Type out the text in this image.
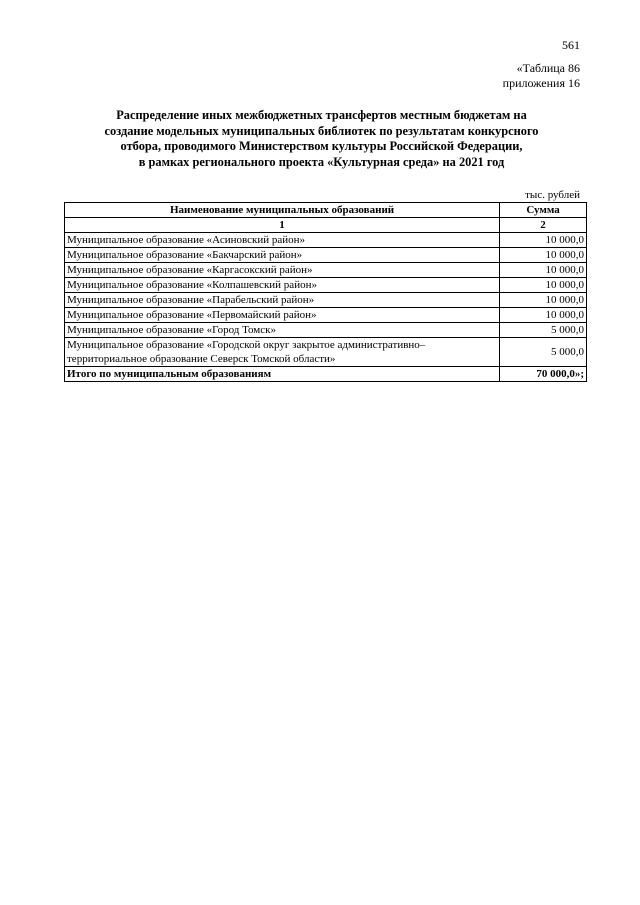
561
«Таблица 86
приложения 16
Распределение иных межбюджетных трансфертов местным бюджетам на
создание модельных муниципальных библиотек по результатам конкурсного
отбора, проводимого Министерством культуры Российской Федерации,
в рамках регионального проекта «Культурная среда» на 2021 год
тыс. рублей
Наименование муниципальных образований	Сумма
1	2
Муниципальное образование «Асиновский район»	10 000,0
Муниципальное образование «Бакчарский район»	10 000,0
Муниципальное образование «Каргасокский район»	10 000,0
Муниципальное образование «Колпашевский район»	10 000,0
Муниципальное образование «Парабельский район»	10 000,0
Муниципальное образование «Первомайский район»	10 000,0
Муниципальное образование «Город Томск»	5 000,0
Муниципальное образование «Городской округ закрытое административно–территориальное образование Северск Томской области»	5 000,0
Итого по муниципальным образованиям	70 000,0»;
